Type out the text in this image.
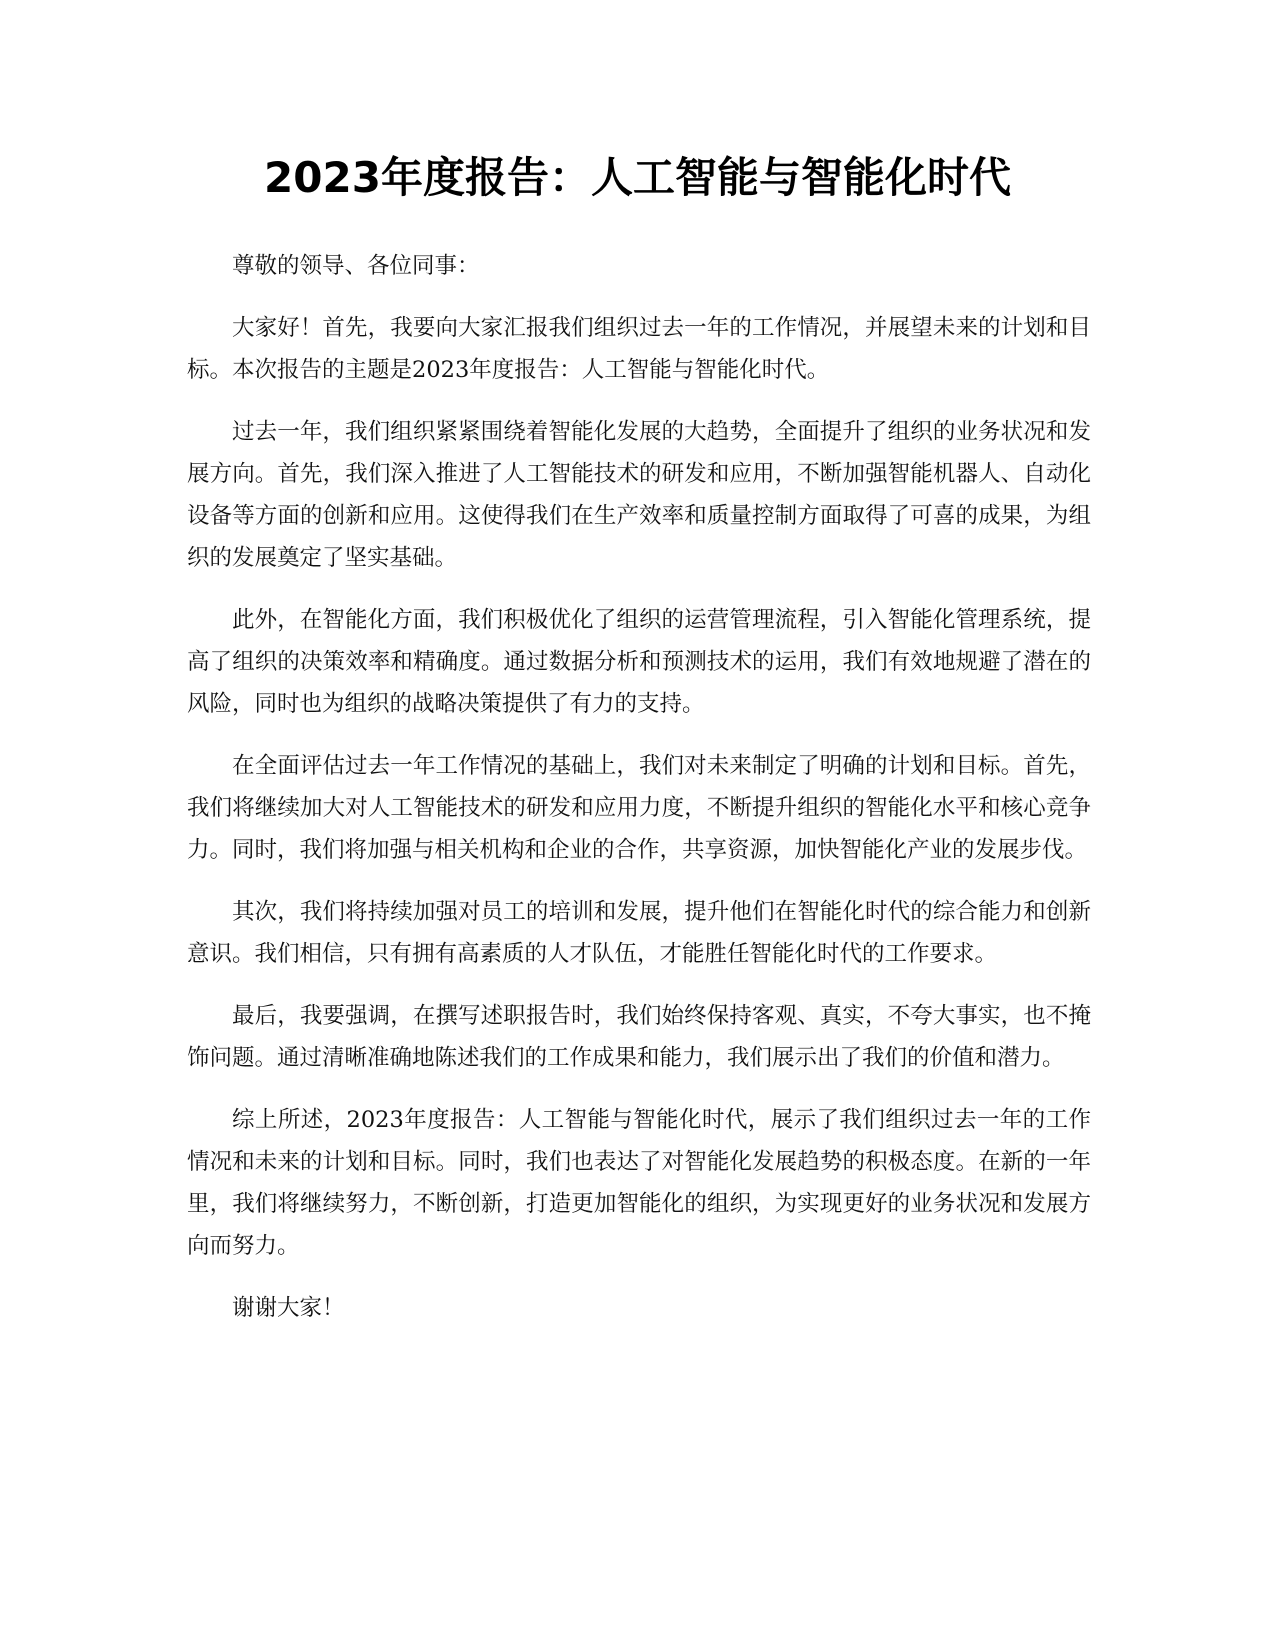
2023年度报告：人工智能与智能化时代

尊敬的领导、各位同事：

大家好！首先，我要向大家汇报我们组织过去一年的工作情况，并展望未来的计划和目标。本次报告的主题是2023年度报告：人工智能与智能化时代。

过去一年，我们组织紧紧围绕着智能化发展的大趋势，全面提升了组织的业务状况和发展方向。首先，我们深入推进了人工智能技术的研发和应用，不断加强智能机器人、自动化设备等方面的创新和应用。这使得我们在生产效率和质量控制方面取得了可喜的成果，为组织的发展奠定了坚实基础。

此外，在智能化方面，我们积极优化了组织的运营管理流程，引入智能化管理系统，提高了组织的决策效率和精确度。通过数据分析和预测技术的运用，我们有效地规避了潜在的风险，同时也为组织的战略决策提供了有力的支持。

在全面评估过去一年工作情况的基础上，我们对未来制定了明确的计划和目标。首先，我们将继续加大对人工智能技术的研发和应用力度，不断提升组织的智能化水平和核心竞争力。同时，我们将加强与相关机构和企业的合作，共享资源，加快智能化产业的发展步伐。

其次，我们将持续加强对员工的培训和发展，提升他们在智能化时代的综合能力和创新意识。我们相信，只有拥有高素质的人才队伍，才能胜任智能化时代的工作要求。

最后，我要强调，在撰写述职报告时，我们始终保持客观、真实，不夸大事实，也不掩饰问题。通过清晰准确地陈述我们的工作成果和能力，我们展示出了我们的价值和潜力。

综上所述，2023年度报告：人工智能与智能化时代，展示了我们组织过去一年的工作情况和未来的计划和目标。同时，我们也表达了对智能化发展趋势的积极态度。在新的一年里，我们将继续努力，不断创新，打造更加智能化的组织，为实现更好的业务状况和发展方向而努力。

谢谢大家！
